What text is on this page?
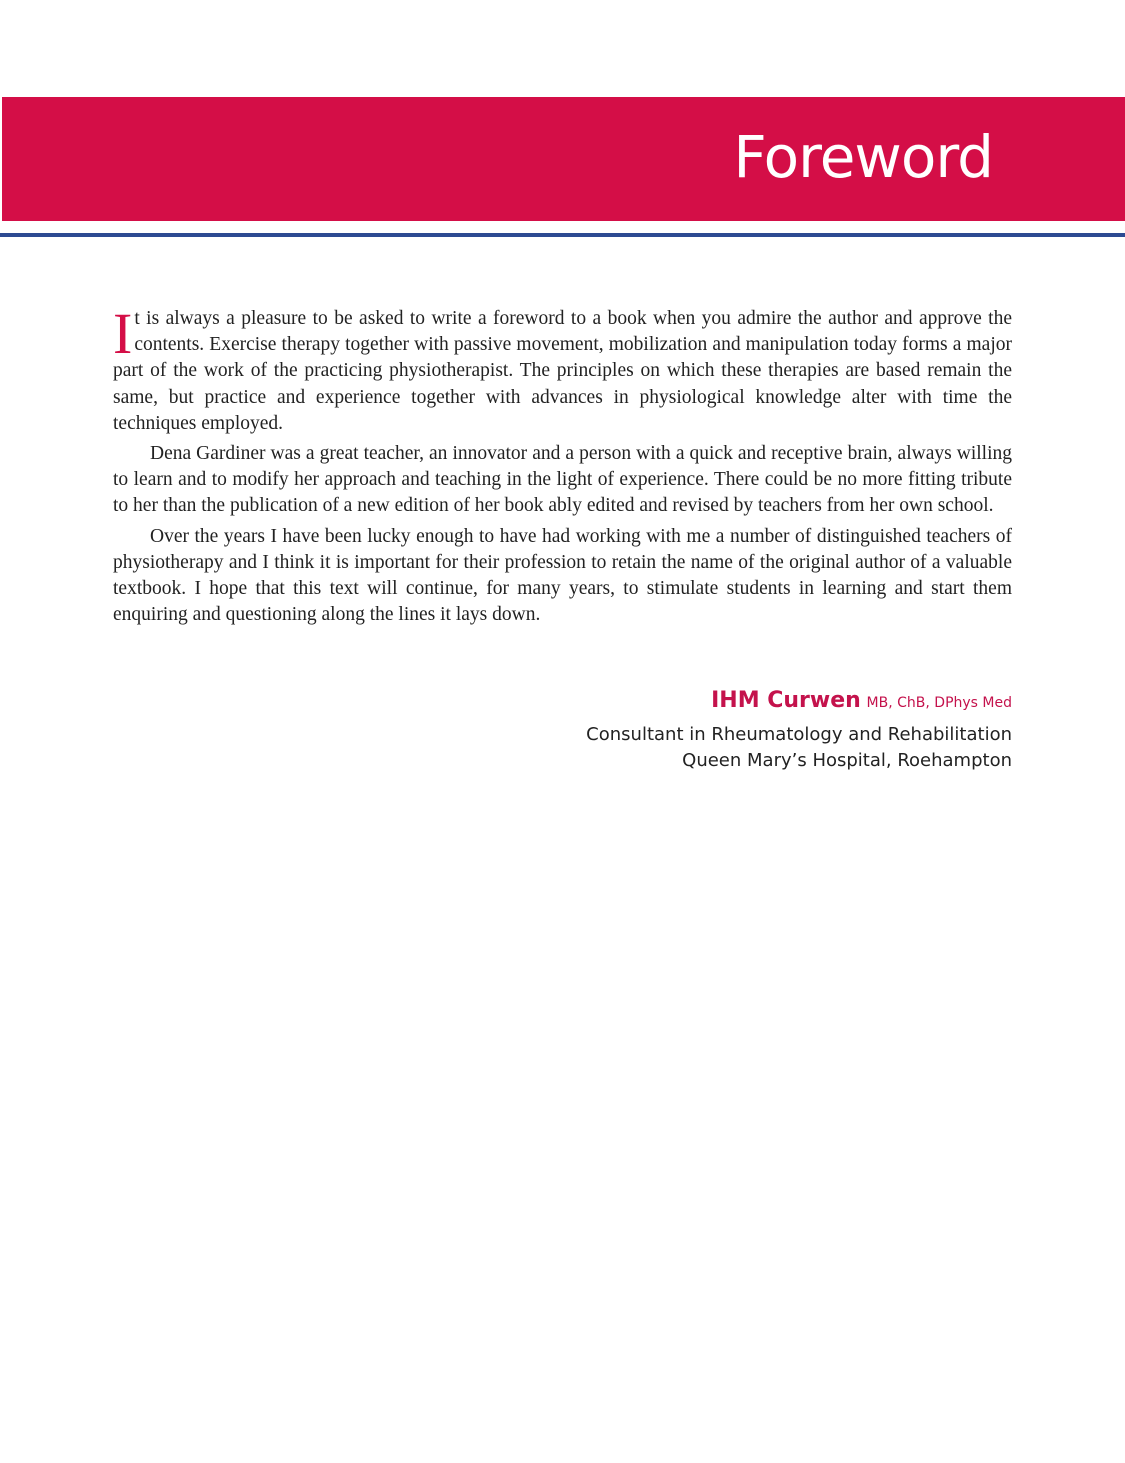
Foreword

It is always a pleasure to be asked to write a foreword to a book when you admire the author and approve the contents. Exercise therapy together with passive movement, mobilization and manipulation today forms a major part of the work of the practicing physiotherapist. The principles on which these therapies are based remain the same, but practice and experience together with advances in physiological knowledge alter with time the techniques employed.

Dena Gardiner was a great teacher, an innovator and a person with a quick and receptive brain, always willing to learn and to modify her approach and teaching in the light of experience. There could be no more fitting tribute to her than the publication of a new edition of her book ably edited and revised by teachers from her own school.

Over the years I have been lucky enough to have had working with me a number of distinguished teachers of physiotherapy and I think it is important for their profession to retain the name of the original author of a valuable textbook. I hope that this text will continue, for many years, to stimulate students in learning and start them enquiring and questioning along the lines it lays down.

IHM Curwen MB, ChB, DPhys Med
Consultant in Rheumatology and Rehabilitation
Queen Mary’s Hospital, Roehampton
